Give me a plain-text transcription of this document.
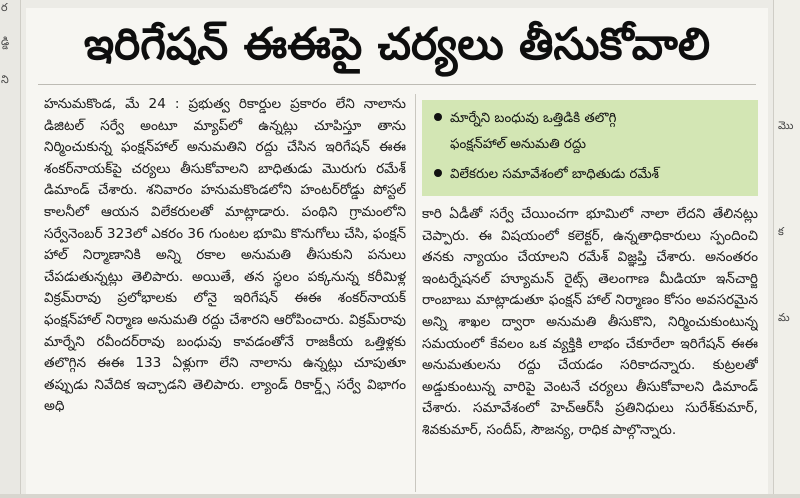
ర
డ్డి
ని
ఇరిగేషన్ ఈఈపై చర్యలు తీసుకోవాలి

హనుమకొండ, మే 24 : ప్రభుత్వ రికార్డుల ప్రకారం లేని నాలాను డిజిటల్ సర్వే అంటూ మ్యాప్‌లో ఉన్నట్లు చూపిస్తూ తాను నిర్మించుకున్న ఫంక్షన్‌హాల్ అనుమతిని రద్దు చేసిన ఇరిగేషన్ ఈఈ శంకర్‌నాయక్‌పై చర్యలు తీసుకోవాలని బాధితుడు మొరుగు రమేశ్ డిమాండ్ చేశారు. శనివారం హనుమకొండలోని హంటర్‌రోడ్డు పోస్టల్ కాలనీలో ఆయన విలేకరులతో మాట్లాడారు. పంథిని గ్రామంలోని సర్వేనెంబర్ 323లో ఎకరం 36 గుంటల భూమి కొనుగోలు చేసి, ఫంక్షన్ హాల్ నిర్మాణానికి అన్ని రకాల అనుమతి తీసుకుని పనులు చేపడుతున్నట్లు తెలిపారు. అయితే, తన స్థలం పక్కనున్న కరీమిళ్ల విక్రమ్‌రావు ప్రలోభాలకు లోనై ఇరిగేషన్ ఈఈ శంకర్‌నాయక్ ఫంక్షన్‌హాల్ నిర్మాణ అనుమతి రద్దు చేశారని ఆరోపించారు. విక్రమ్‌రావు మార్నేని రవీందర్‌రావు బంధువు కావడంతోనే రాజకీయ ఒత్తిళ్లకు తలొగ్గిన ఈఈ 133 ఏళ్లుగా లేని నాలాను ఉన్నట్లు చూపుతూ తప్పుడు నివేదిక ఇచ్చాడని తెలిపారు. ల్యాండ్ రికార్డ్స్ సర్వే విభాగం అధి

మార్నేని బంధువు ఒత్తిడికి తలొగ్గి
ఫంక్షన్‌హాల్ అనుమతి రద్దు
విలేకరుల సమావేశంలో బాధితుడు రమేశ్

కారి ఏడీతో సర్వే చేయించగా భూమిలో నాలా లేదని తేలినట్లు చెప్పారు. ఈ విషయంలో కలెక్టర్, ఉన్నతాధికారులు స్పందించి తనకు న్యాయం చేయాలని రమేశ్ విజ్ఞప్తి చేశారు. అనంతరం ఇంటర్నేషనల్ హ్యూమన్ రైట్స్ తెలంగాణ మీడియా ఇన్‌చార్జి రాంబాబు మాట్లాడుతూ ఫంక్షన్ హాల్ నిర్మాణం కోసం అవసరమైన అన్ని శాఖల ద్వారా అనుమతి తీసుకొని, నిర్మించుకుంటున్న సమయంలో కేవలం ఒక వ్యక్తికి లాభం చేకూరేలా ఇరిగేషన్ ఈఈ అనుమతులను రద్దు చేయడం సరికాదన్నారు. కుట్రలతో అడ్డుకుంటున్న వారిపై వెంటనే చర్యలు తీసుకోవాలని డిమాండ్ చేశారు. సమావేశంలో హెచ్‌ఆర్‌సీ ప్రతినిధులు సురేశ్‌కుమార్, శివకుమార్, సందీప్, సౌజన్య, రాధిక పాల్గొన్నారు.

మొ
క
మ
